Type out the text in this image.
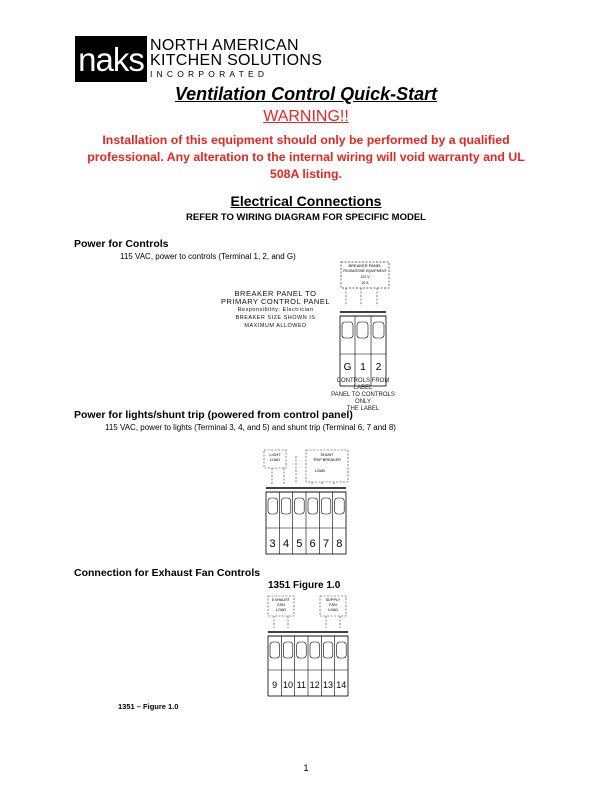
naks NORTH AMERICAN
KITCHEN SOLUTIONS
INCORPORATED
Ventilation Control Quick-Start
WARNING!!
Installation of this equipment should only be performed by a qualified professional. Any alteration to the internal wiring will void warranty and UL 508A listing.
Electrical Connections
REFER TO WIRING DIAGRAM FOR SPECIFIC MODEL
Power for Controls
115 VAC, power to controls (Terminal 1, 2, and G)
BREAKER PANEL TO
PRIMARY CONTROL PANEL
Responsibility: Electrician
BREAKER SIZE SHOWN IS
MAXIMUM ALLOWED
BREAKER PANEL
ROOM/ZONE EQUIPMENT
120 V
20 A
G 1 2
CONTROLS FROM LABEL
PANEL TO CONTROLS ONLY
THE LABEL
Power for lights/shunt trip (powered from control panel)
115 VAC, power to lights (Terminal 3, 4, and 5) and shunt trip (Terminal 6, 7 and 8)
LIGHT
LOAD
SHUNT
TRIP BREAKER
LOAD
3 4 5 6 7 8
Connection for Exhaust Fan Controls
1351 Figure 1.0
EXHAUST
FAN
LOAD
SUPPLY
FAN
LOAD
9 10 11 12 13 14
1351 – Figure 1.0
1
